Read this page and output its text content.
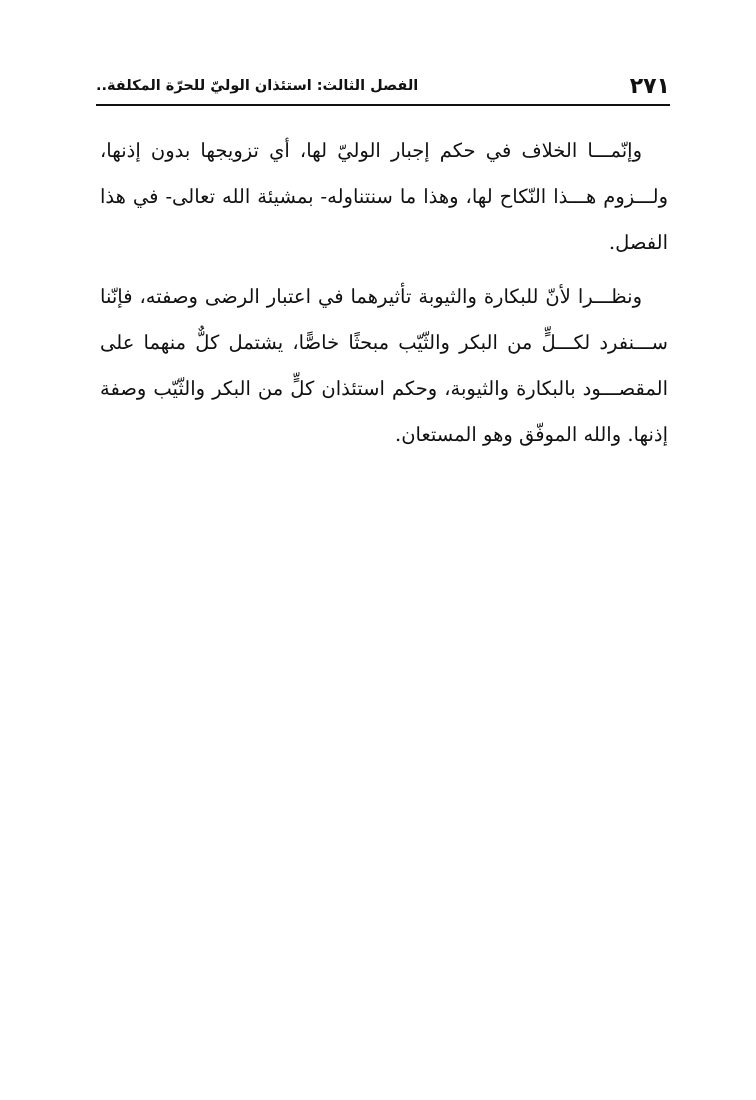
٢٧١
الفصل الثالث: استئذان الوليّ للحرّة المكلفة..

وإنّمـــا الخلاف في حكم إجبار الوليّ لها، أي تزويجها بدون إذنها، ولـــزوم هـــذا النّكاح لها، وهذا ما سنتناوله- بمشيئة الله تعالى- في هذا الفصل.

ونظـــرا لأنّ للبكارة والثيوبة تأثيرهما في اعتبار الرضى وصفته، فإنّنا ســـنفرد لكـــلٍّ من البكر والثّيّب مبحثًا خاصًّا، يشتمل كلٌّ منهما على المقصـــود بالبكارة والثيوبة، وحكم استئذان كلٍّ من البكر والثّيّب وصفة إذنها. والله الموفّق وهو المستعان.
